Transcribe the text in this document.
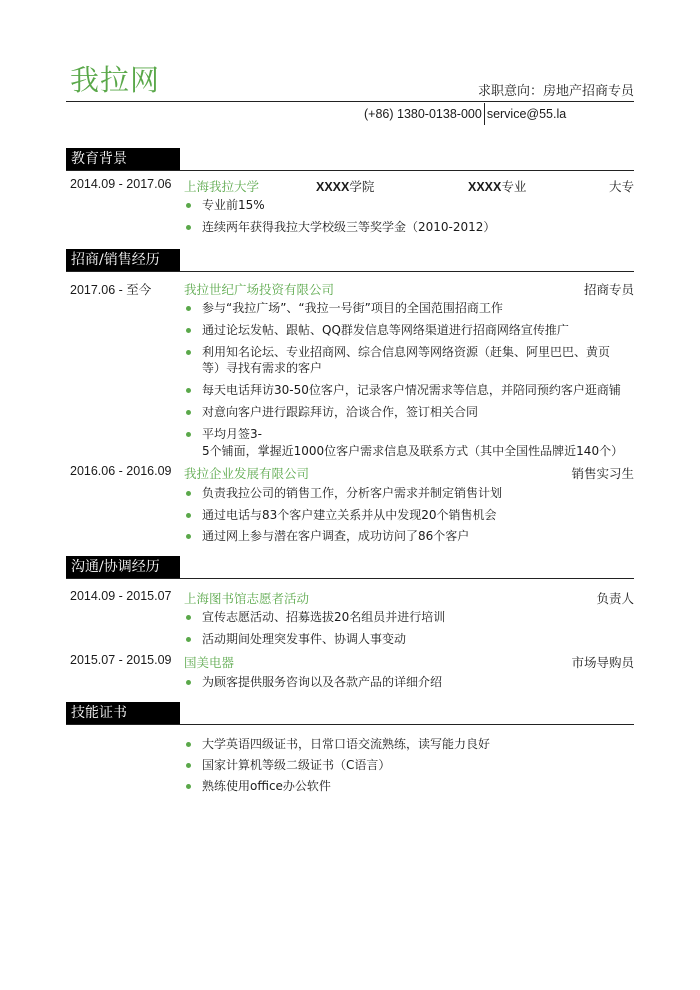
我拉网	求职意向：房地产招商专员
(+86) 1380-0138-000 service@55.la
教育背景
2014.09 - 2017.06 上海我拉大学	XXXX学院	XXXX专业	大专
专业前15%
连续两年获得我拉大学校级三等奖学金（2010-2012）
招商/销售经历
2017.06 - 至今	我拉世纪广场投资有限公司	招商专员
参与“我拉广场”、“我拉一号街”项目的全国范围招商工作
通过论坛发帖、跟帖、QQ群发信息等网络渠道进行招商网络宣传推广
利用知名论坛、专业招商网、综合信息网等网络资源（赶集、阿里巴巴、黄页
等）寻找有需求的客户
每天电话拜访30-50位客户，记录客户情况需求等信息，并陪同预约客户逛商铺
对意向客户进行跟踪拜访，洽谈合作，签订相关合同
平均月签3-
5个铺面，掌握近1000位客户需求信息及联系方式（其中全国性品牌近140个）
2016.06 - 2016.09 我拉企业发展有限公司	销售实习生
负责我拉公司的销售工作，分析客户需求并制定销售计划
通过电话与83个客户建立关系并从中发现20个销售机会
通过网上参与潜在客户调查，成功访问了86个客户
沟通/协调经历
2014.09 - 2015.07 上海图书馆志愿者活动	负责人
宣传志愿活动、招募选拔20名组员并进行培训
活动期间处理突发事件、协调人事变动
2015.07 - 2015.09 国美电器	市场导购员
为顾客提供服务咨询以及各款产品的详细介绍
技能证书
大学英语四级证书，日常口语交流熟练，读写能力良好
国家计算机等级二级证书（C语言）
熟练使用office办公软件
